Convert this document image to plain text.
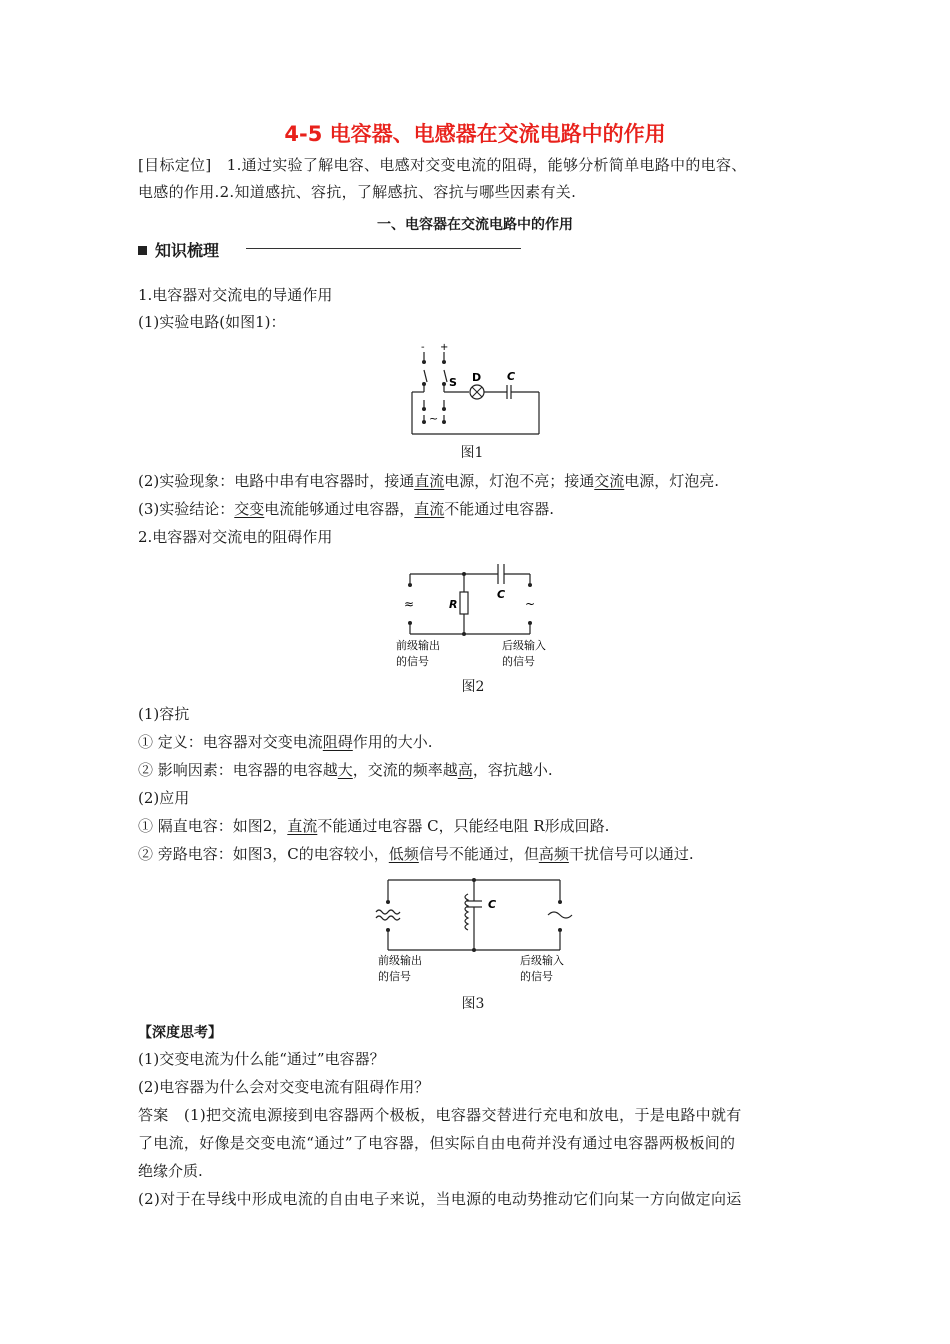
4-5 电容器、电感器在交流电路中的作用
[目标定位] 1.通过实验了解电容、电感对交变电流的阻碍，能够分析简单电路中的电容、
电感的作用.2.知道感抗、容抗，了解感抗、容抗与哪些因素有关.
一、电容器在交流电路中的作用
知识梳理
1.电容器对交流电的导通作用
(1)实验电路(如图1)：
- +
S D C
~
图1
(2)实验现象：电路中串有电容器时，接通直流电源，灯泡不亮；接通交流电源，灯泡亮.
(3)实验结论：交变电流能够通过电容器，直流不能通过电容器.
2.电容器对交流电的阻碍作用
C
R
≈	~
前级输出
的信号
后级输入
的信号
图2
(1)容抗
① 定义：电容器对交变电流阻碍作用的大小.
② 影响因素：电容器的电容越大，交流的频率越高，容抗越小.
(2)应用
① 隔直电容：如图2，直流不能通过电容器 C，只能经电阻 R形成回路.
② 旁路电容：如图3，C的电容较小，低频信号不能通过，但高频干扰信号可以通过.
C
前级输出
的信号
后级输入
的信号
图3
【深度思考】
(1)交变电流为什么能“通过”电容器？
(2)电容器为什么会对交变电流有阻碍作用？
答案　(1)把交流电源接到电容器两个极板，电容器交替进行充电和放电，于是电路中就有
了电流，好像是交变电流“通过”了电容器，但实际自由电荷并没有通过电容器两极板间的
绝缘介质.
(2)对于在导线中形成电流的自由电子来说，当电源的电动势推动它们向某一方向做定向运
